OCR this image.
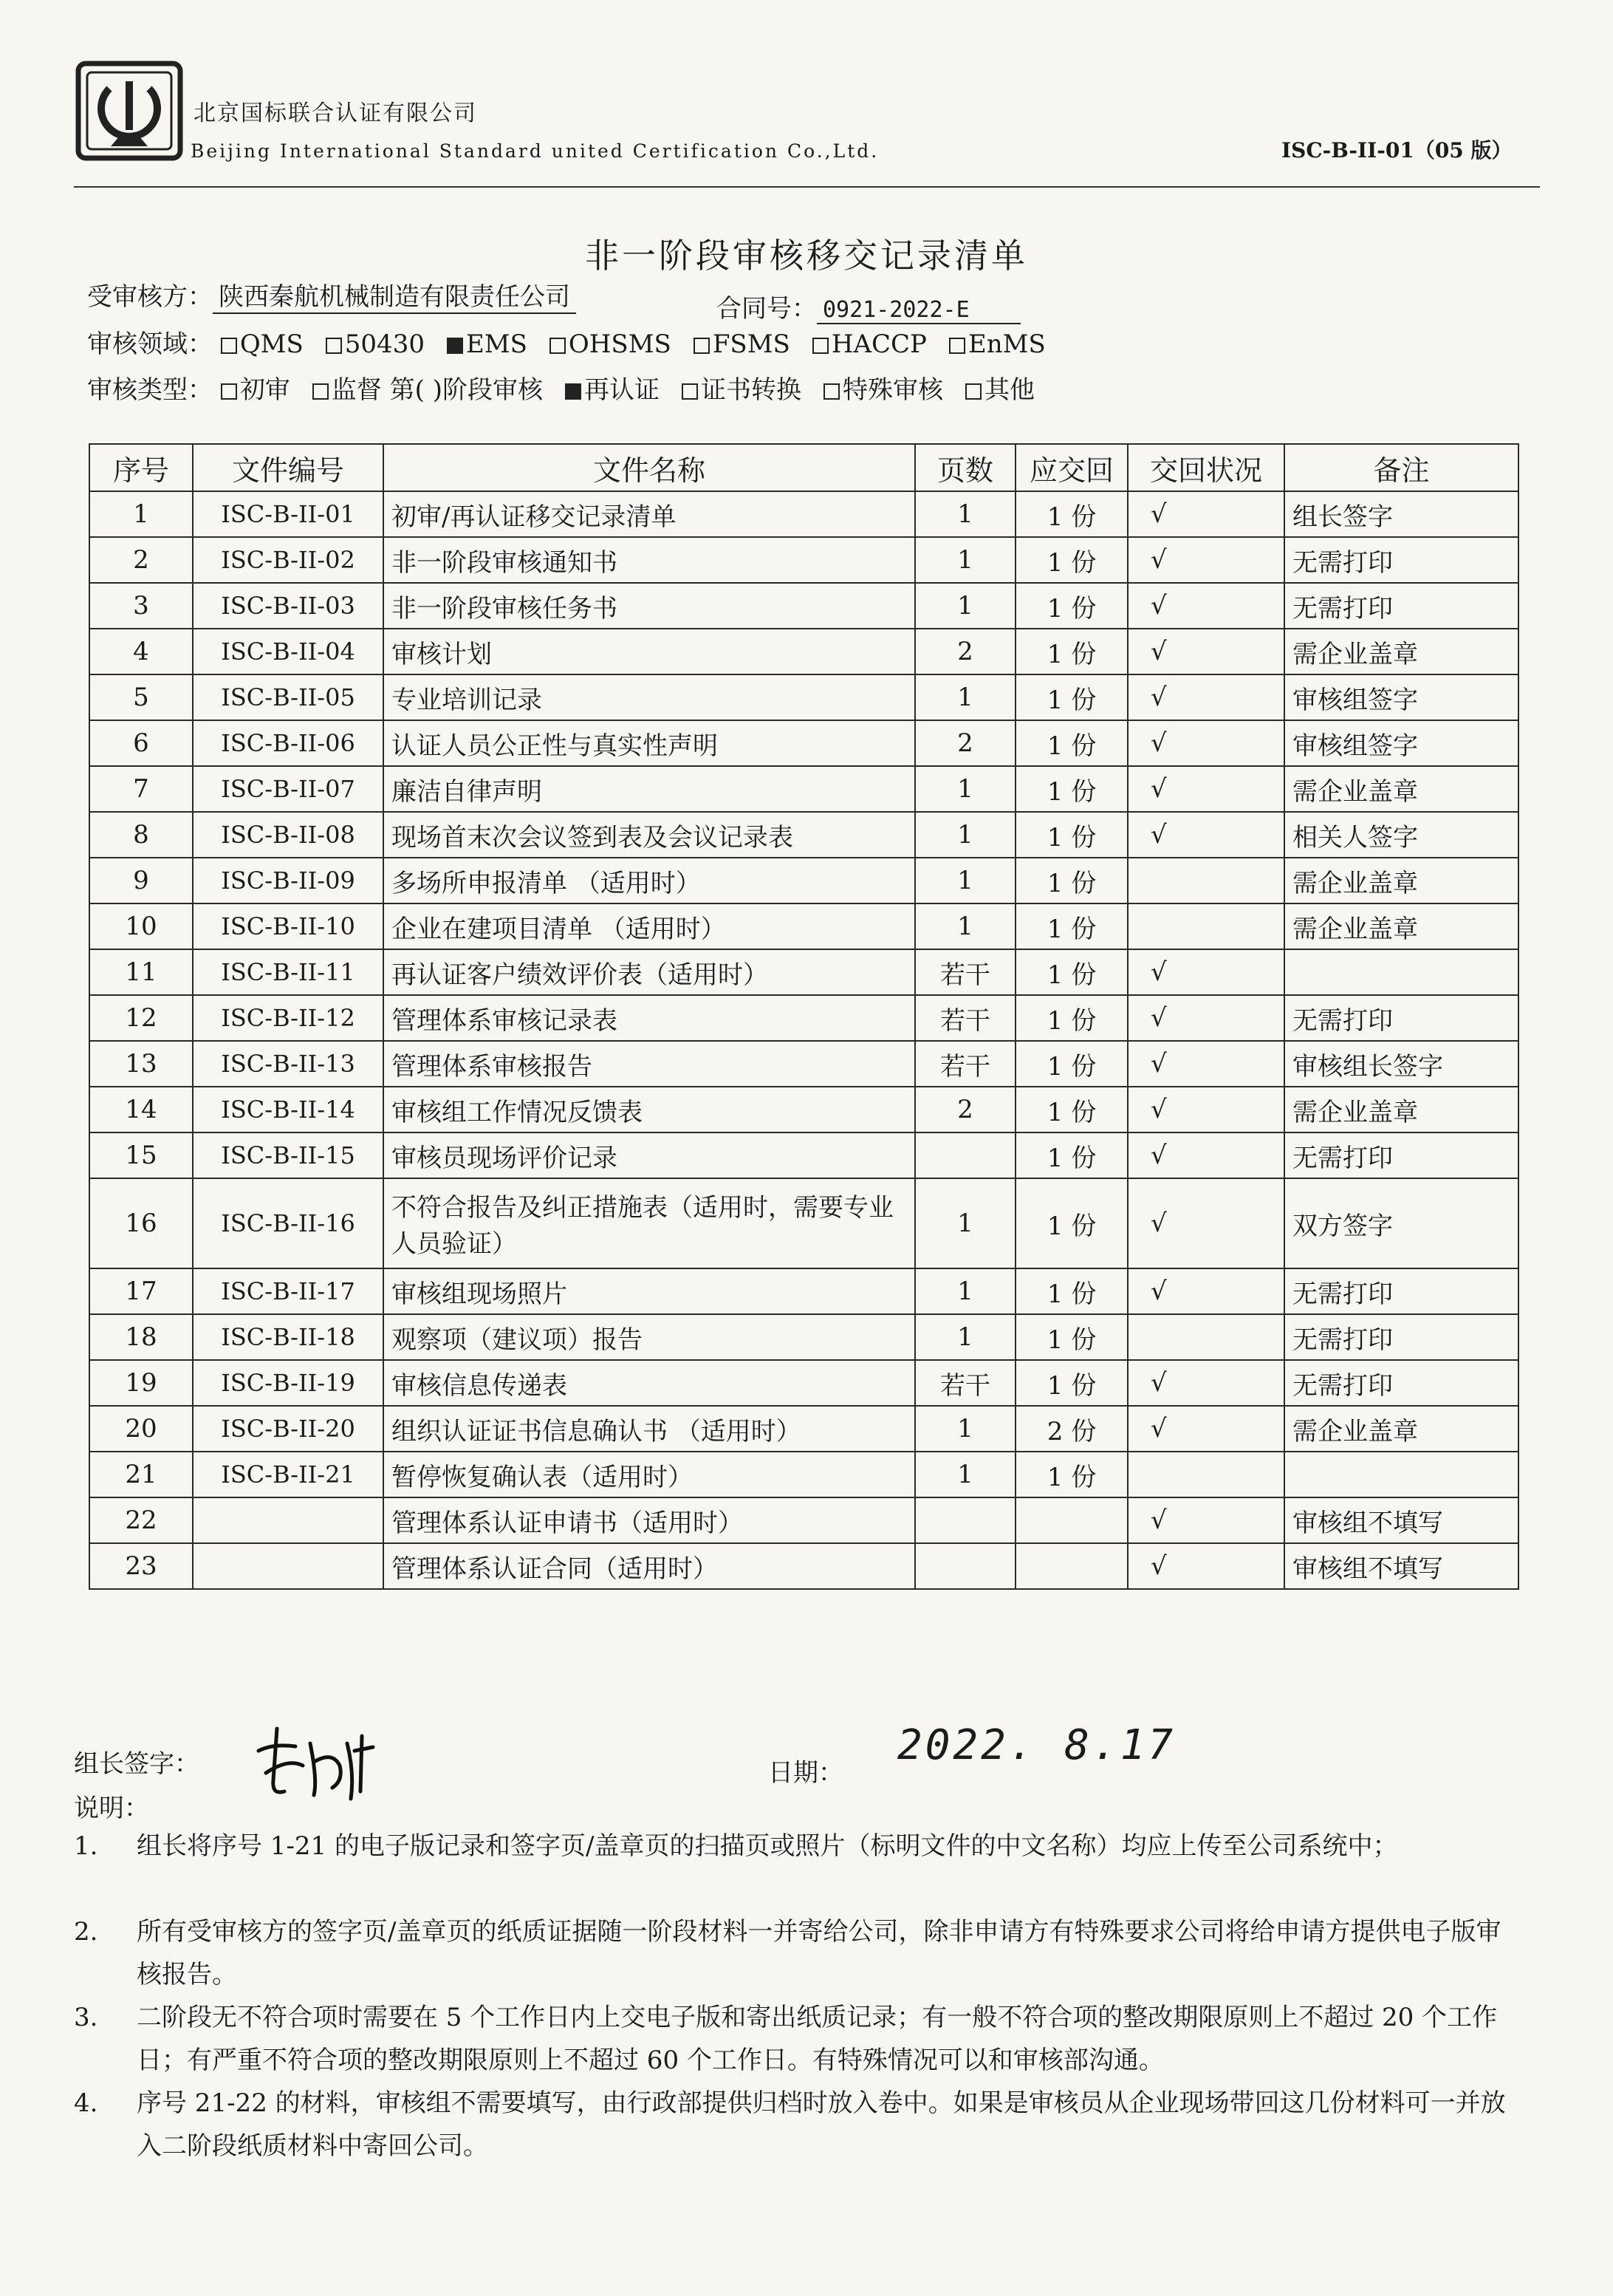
北京国标联合认证有限公司
Beijing International Standard united Certification Co.,Ltd.	ISC-B-II-01（05 版）
非一阶段审核移交记录清单
受审核方： 陕西秦航机械制造有限责任公司	合同号： 0921-2022-E
审核领域： QMS 50430 EMS OHSMS FSMS HACCP EnMS
审核类型： 初审 监督 第( )阶段审核 再认证 证书转换 特殊审核 其他
序号	文件编号	文件名称	页数	应交回	交回状况	备注
1	ISC-B-II-01	初审/再认证移交记录清单	1	1 份	√	组长签字
2	ISC-B-II-02	非一阶段审核通知书	1	1 份	√	无需打印
3	ISC-B-II-03	非一阶段审核任务书	1	1 份	√	无需打印
4	ISC-B-II-04	审核计划	2	1 份	√	需企业盖章
5	ISC-B-II-05	专业培训记录	1	1 份	√	审核组签字
6	ISC-B-II-06	认证人员公正性与真实性声明	2	1 份	√	审核组签字
7	ISC-B-II-07	廉洁自律声明	1	1 份	√	需企业盖章
8	ISC-B-II-08	现场首末次会议签到表及会议记录表	1	1 份	√	相关人签字
9	ISC-B-II-09	多场所申报清单 （适用时）	1	1 份		需企业盖章
10	ISC-B-II-10	企业在建项目清单 （适用时）	1	1 份		需企业盖章
11	ISC-B-II-11	再认证客户绩效评价表（适用时）	若干	1 份	√	
12	ISC-B-II-12	管理体系审核记录表	若干	1 份	√	无需打印
13	ISC-B-II-13	管理体系审核报告	若干	1 份	√	审核组长签字
14	ISC-B-II-14	审核组工作情况反馈表	2	1 份	√	需企业盖章
15	ISC-B-II-15	审核员现场评价记录		1 份	√	无需打印
16	ISC-B-II-16	不符合报告及纠正措施表（适用时，需要专业人员验证）	1	1 份	√	双方签字
17	ISC-B-II-17	审核组现场照片	1	1 份	√	无需打印
18	ISC-B-II-18	观察项（建议项）报告	1	1 份		无需打印
19	ISC-B-II-19	审核信息传递表	若干	1 份	√	无需打印
20	ISC-B-II-20	组织认证证书信息确认书 （适用时）	1	2 份	√	需企业盖章
21	ISC-B-II-21	暂停恢复确认表（适用时）	1	1 份		
22		管理体系认证申请书（适用时）			√	审核组不填写
23		管理体系认证合同（适用时）			√	审核组不填写
组长签字：	日期：
2022. 8.17
说明：
1.	组长将序号 1-21 的电子版记录和签字页/盖章页的扫描页或照片（标明文件的中文名称）均应上传至公司系统中；
2.	所有受审核方的签字页/盖章页的纸质证据随一阶段材料一并寄给公司，除非申请方有特殊要求公司将给申请方提供电子版审核报告。
3.	二阶段无不符合项时需要在 5 个工作日内上交电子版和寄出纸质记录；有一般不符合项的整改期限原则上不超过 20 个工作日；有严重不符合项的整改期限原则上不超过 60 个工作日。有特殊情况可以和审核部沟通。
4.	序号 21-22 的材料，审核组不需要填写，由行政部提供归档时放入卷中。如果是审核员从企业现场带回这几份材料可一并放入二阶段纸质材料中寄回公司。
